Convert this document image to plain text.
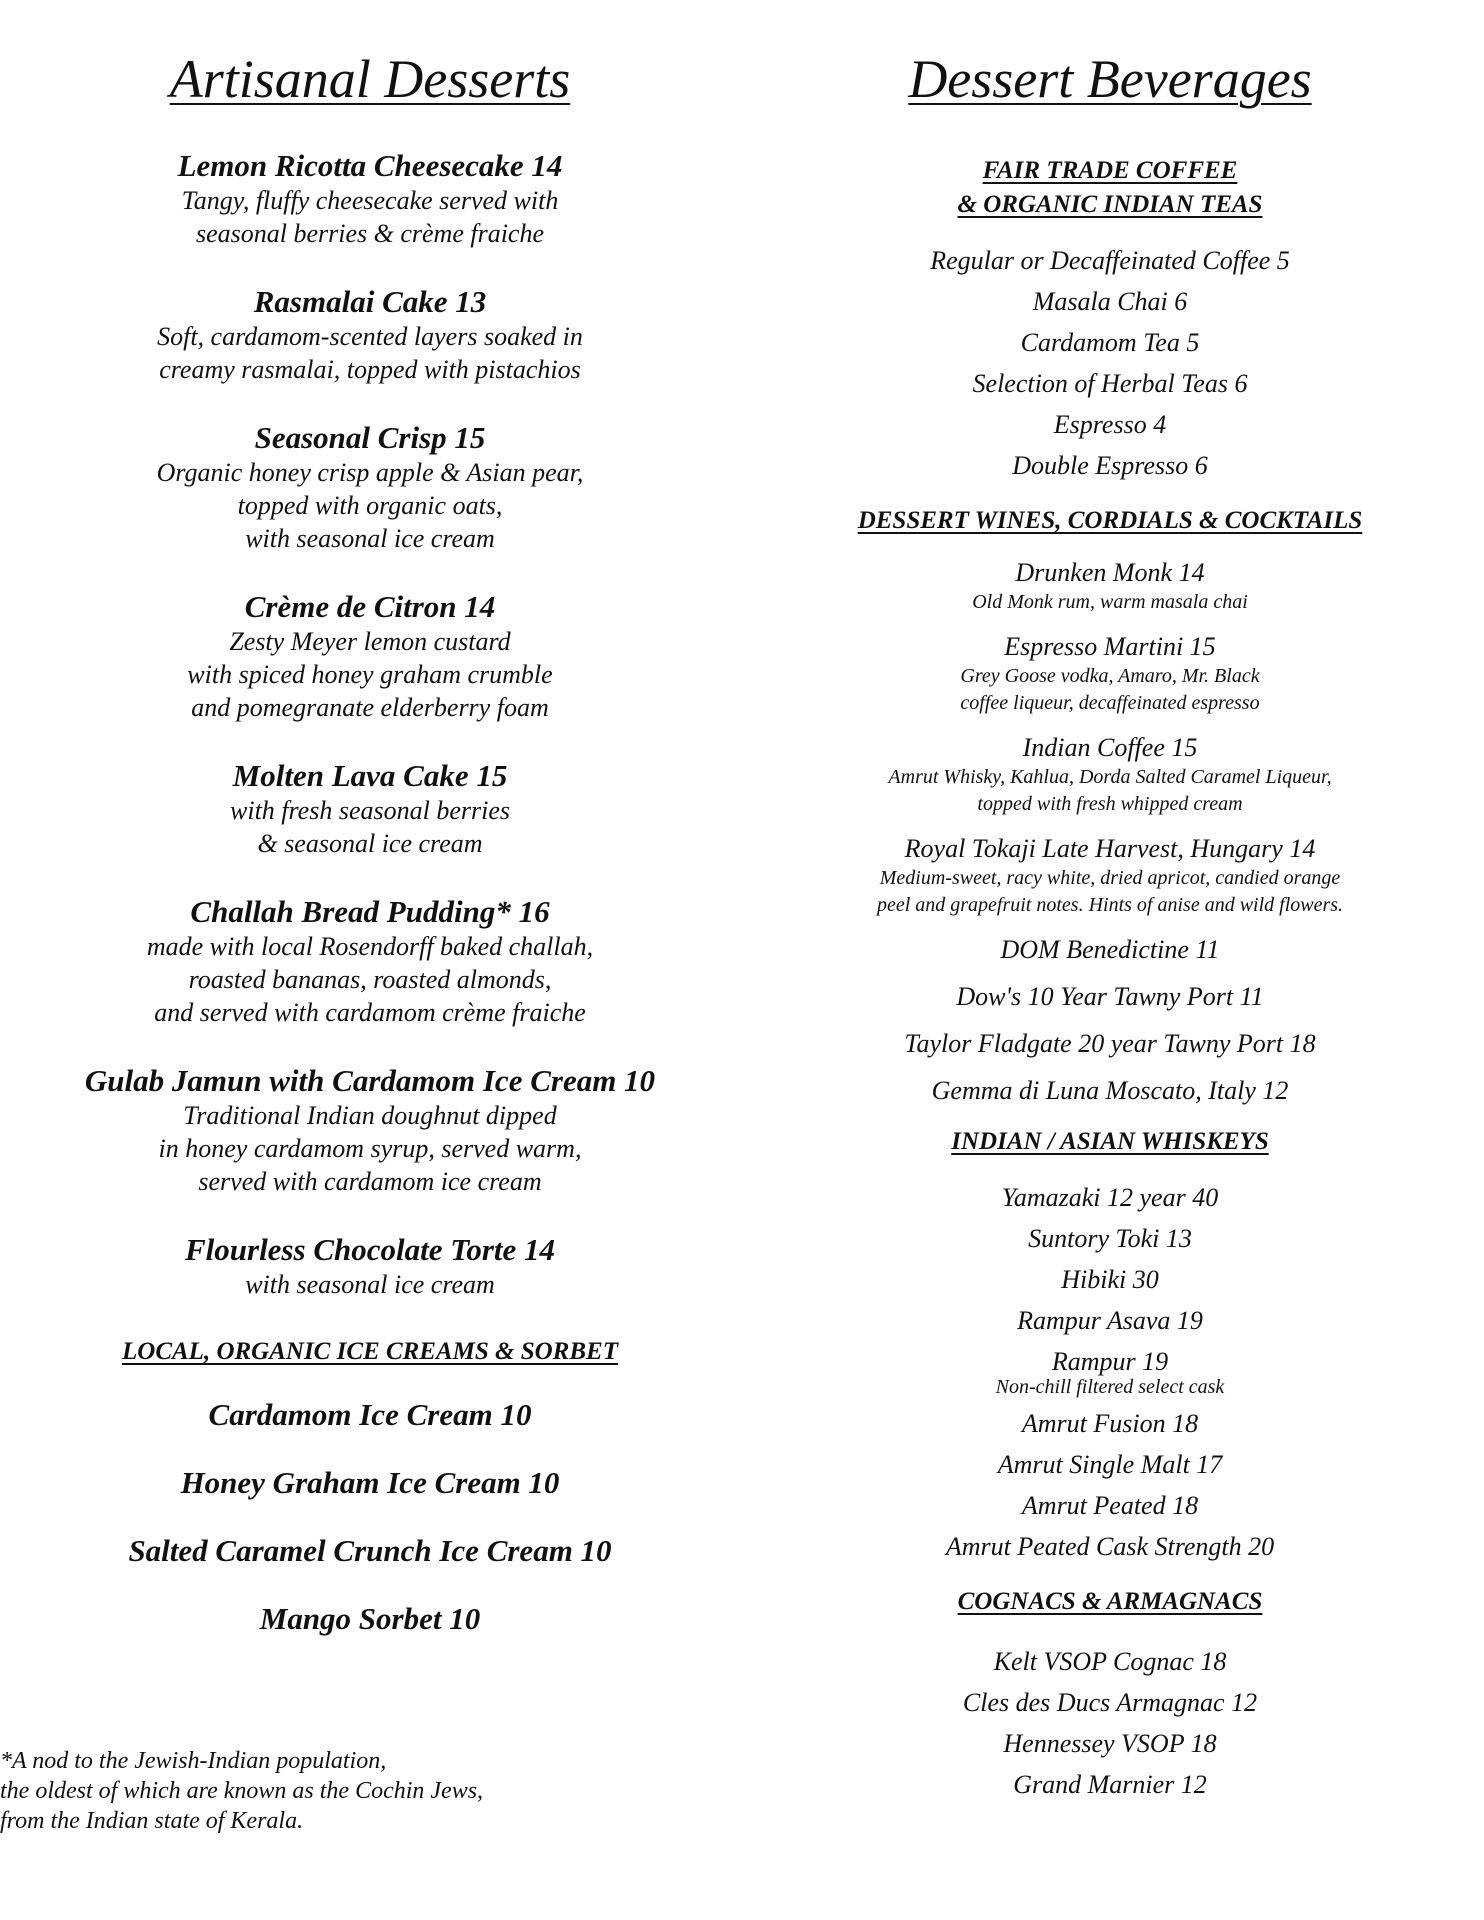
Artisanal Desserts
Lemon Ricotta Cheesecake 14
Tangy, fluffy cheesecake served with
seasonal berries & crème fraiche
Rasmalai Cake 13
Soft, cardamom-scented layers soaked in
creamy rasmalai, topped with pistachios
Seasonal Crisp 15
Organic honey crisp apple & Asian pear,
topped with organic oats,
with seasonal ice cream
Crème de Citron 14
Zesty Meyer lemon custard
with spiced honey graham crumble
and pomegranate elderberry foam
Molten Lava Cake 15
with fresh seasonal berries
& seasonal ice cream
Challah Bread Pudding* 16
made with local Rosendorff baked challah,
roasted bananas, roasted almonds,
and served with cardamom crème fraiche
Gulab Jamun with Cardamom Ice Cream 10
Traditional Indian doughnut dipped
in honey cardamom syrup, served warm,
served with cardamom ice cream
Flourless Chocolate Torte 14
with seasonal ice cream
LOCAL, ORGANIC ICE CREAMS & SORBET
Cardamom Ice Cream 10
Honey Graham Ice Cream 10
Salted Caramel Crunch Ice Cream 10
Mango Sorbet 10
*A nod to the Jewish-Indian population,
the oldest of which are known as the Cochin Jews,
from the Indian state of Kerala.
Dessert Beverages
FAIR TRADE COFFEE
& ORGANIC INDIAN TEAS
Regular or Decaffeinated Coffee 5
Masala Chai 6
Cardamom Tea 5
Selection of Herbal Teas 6
Espresso 4
Double Espresso 6
DESSERT WINES, CORDIALS & COCKTAILS
Drunken Monk 14
Old Monk rum, warm masala chai
Espresso Martini 15
Grey Goose vodka, Amaro, Mr. Black
coffee liqueur, decaffeinated espresso
Indian Coffee 15
Amrut Whisky, Kahlua, Dorda Salted Caramel Liqueur,
topped with fresh whipped cream
Royal Tokaji Late Harvest, Hungary 14
Medium-sweet, racy white, dried apricot, candied orange
peel and grapefruit notes. Hints of anise and wild flowers.
DOM Benedictine 11
Dow's 10 Year Tawny Port 11
Taylor Fladgate 20 year Tawny Port 18
Gemma di Luna Moscato, Italy 12
INDIAN / ASIAN WHISKEYS
Yamazaki 12 year 40
Suntory Toki 13
Hibiki 30
Rampur Asava 19
Rampur 19
Non-chill filtered select cask
Amrut Fusion 18
Amrut Single Malt 17
Amrut Peated 18
Amrut Peated Cask Strength 20
COGNACS & ARMAGNACS
Kelt VSOP Cognac 18
Cles des Ducs Armagnac 12
Hennessey VSOP 18
Grand Marnier 12
